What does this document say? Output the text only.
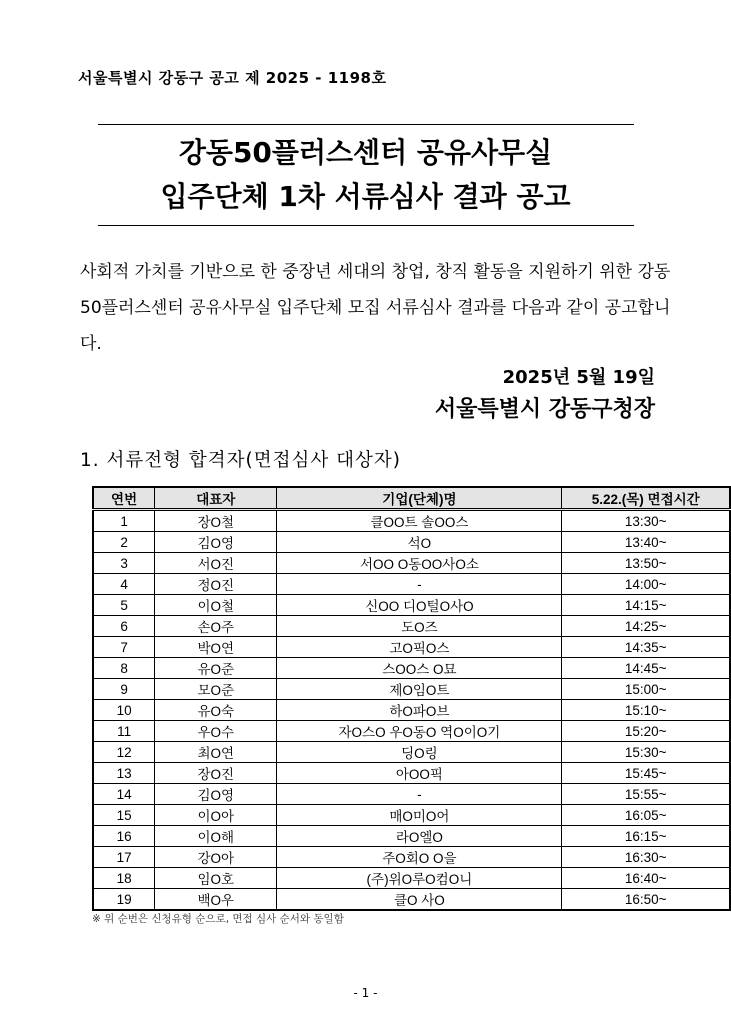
서울특별시 강동구 공고 제 2025 - 1198호
강동50플러스센터 공유사무실
입주단체 1차 서류심사 결과 공고
사회적 가치를 기반으로 한 중장년 세대의 창업, 창직 활동을 지원하기 위한 강동50플러스센터 공유사무실 입주단체 모집 서류심사 결과를 다음과 같이 공고합니다.
2025년 5월 19일
서울특별시 강동구청장
1. 서류전형 합격자(면접심사 대상자)
연번	대표자	기업(단체)명	5.22.(목) 면접시간
1	장O철	클OO트 솔OO스	13:30~
2	김O영	석O	13:40~
3	서O진	서OO O동OO사O소	13:50~
4	정O진	-	14:00~
5	이O철	신OO 디O털O사O	14:15~
6	손O주	도O즈	14:25~
7	박O연	고O픽O스	14:35~
8	유O준	스OO스 O묘	14:45~
9	모O준	제O임O트	15:00~
10	유O숙	하O파O브	15:10~
11	우O수	자O스O 우O동O 역O이O기	15:20~
12	최O연	딩O링	15:30~
13	장O진	아OO픽	15:45~
14	김O영	-	15:55~
15	이O아	매O미O어	16:05~
16	이O해	라O엘O	16:15~
17	강O아	주O회O O을	16:30~
18	임O호	(주)위O루O컴O니	16:40~
19	백O우	클O 사O	16:50~
※ 위 순번은 신청유형 순으로, 면접 심사 순서와 동일함
- 1 -
